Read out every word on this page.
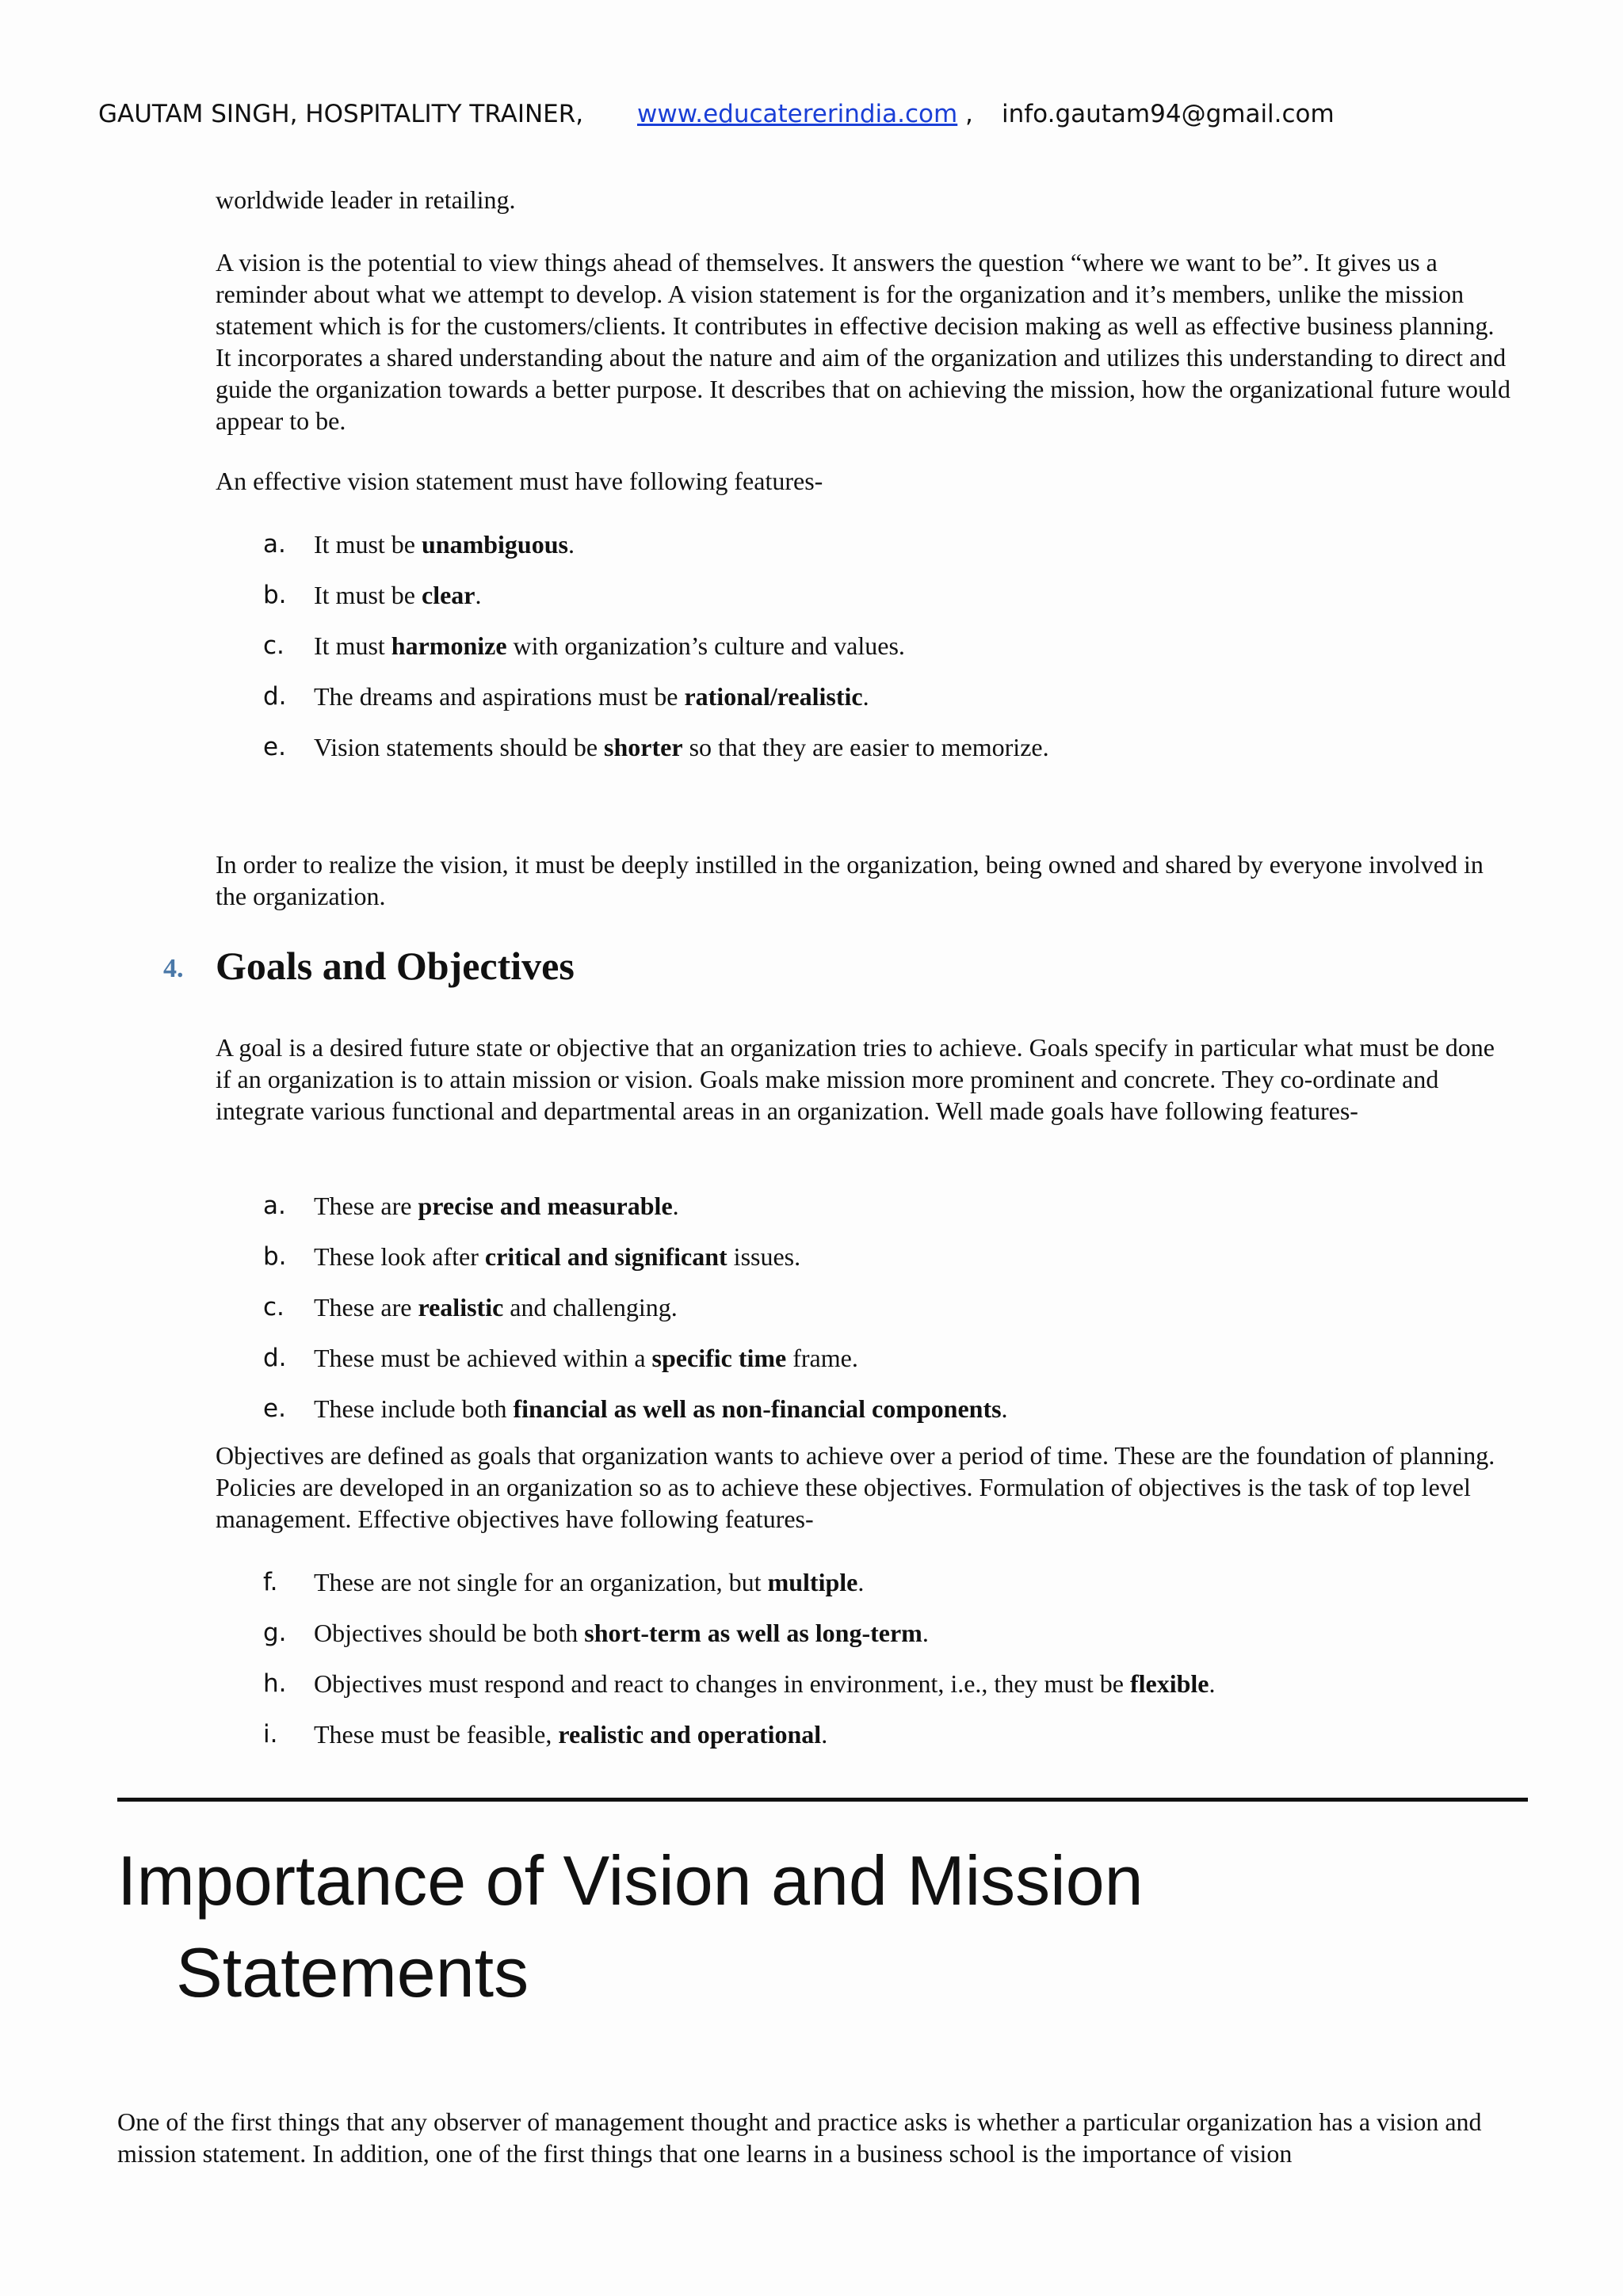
GAUTAM SINGH, HOSPITALITY TRAINER, www.educatererindia.com , info.gautam94@gmail.com
worldwide leader in retailing.
A vision is the potential to view things ahead of themselves. It answers the question “where we want to be”. It gives us a reminder about what we attempt to develop. A vision statement is for the organization and it’s members, unlike the mission statement which is for the customers/clients. It contributes in effective decision making as well as effective business planning. It incorporates a shared understanding about the nature and aim of the organization and utilizes this understanding to direct and guide the organization towards a better purpose. It describes that on achieving the mission, how the organizational future would appear to be.
An effective vision statement must have following features-
a. It must be unambiguous.
b. It must be clear.
c. It must harmonize with organization’s culture and values.
d. The dreams and aspirations must be rational/realistic.
e. Vision statements should be shorter so that they are easier to memorize.
In order to realize the vision, it must be deeply instilled in the organization, being owned and shared by everyone involved in the organization.
4. Goals and Objectives
A goal is a desired future state or objective that an organization tries to achieve. Goals specify in particular what must be done if an organization is to attain mission or vision. Goals make mission more prominent and concrete. They co-ordinate and integrate various functional and departmental areas in an organization. Well made goals have following features-
a. These are precise and measurable.
b. These look after critical and significant issues.
c. These are realistic and challenging.
d. These must be achieved within a specific time frame.
e. These include both financial as well as non-financial components.
Objectives are defined as goals that organization wants to achieve over a period of time. These are the foundation of planning. Policies are developed in an organization so as to achieve these objectives. Formulation of objectives is the task of top level management. Effective objectives have following features-
f. These are not single for an organization, but multiple.
g. Objectives should be both short-term as well as long-term.
h. Objectives must respond and react to changes in environment, i.e., they must be flexible.
i. These must be feasible, realistic and operational.
Importance of Vision and Mission
Statements
One of the first things that any observer of management thought and practice asks is whether a particular organization has a vision and mission statement. In addition, one of the first things that one learns in a business school is the importance of vision
